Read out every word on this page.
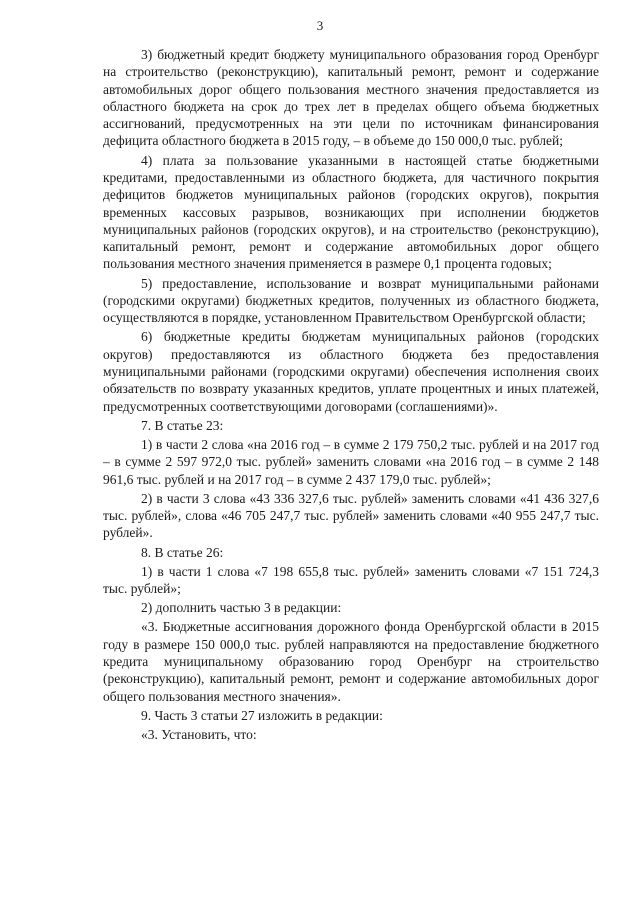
3

3) бюджетный кредит бюджету муниципального образования город Оренбург на строительство (реконструкцию), капитальный ремонт, ремонт и содержание автомобильных дорог общего пользования местного значения предоставляется из областного бюджета на срок до трех лет в пределах общего объема бюджетных ассигнований, предусмотренных на эти цели по источникам финансирования дефицита областного бюджета в 2015 году, – в объеме до 150 000,0 тыс. рублей;

4) плата за пользование указанными в настоящей статье бюджетными кредитами, предоставленными из областного бюджета, для частичного покрытия дефицитов бюджетов муниципальных районов (городских округов), покрытия временных кассовых разрывов, возникающих при исполнении бюджетов муниципальных районов (городских округов), и на строительство (реконструкцию), капитальный ремонт, ремонт и содержание автомобильных дорог общего пользования местного значения применяется в размере 0,1 процента годовых;

5) предоставление, использование и возврат муниципальными районами (городскими округами) бюджетных кредитов, полученных из областного бюджета, осуществляются в порядке, установленном Правительством Оренбургской области;

6) бюджетные кредиты бюджетам муниципальных районов (городских округов) предоставляются из областного бюджета без предоставления муниципальными районами (городскими округами) обеспечения исполнения своих обязательств по возврату указанных кредитов, уплате процентных и иных платежей, предусмотренных соответствующими договорами (соглашениями)».

7. В статье 23:

1) в части 2 слова «на 2016 год – в сумме 2 179 750,2 тыс. рублей и на 2017 год – в сумме 2 597 972,0 тыс. рублей» заменить словами «на 2016 год – в сумме 2 148 961,6 тыс. рублей и на 2017 год – в сумме 2 437 179,0 тыс. рублей»;

2) в части 3 слова «43 336 327,6 тыс. рублей» заменить словами «41 436 327,6 тыс. рублей», слова «46 705 247,7 тыс. рублей» заменить словами «40 955 247,7 тыс. рублей».

8. В статье 26:

1) в части 1 слова «7 198 655,8 тыс. рублей» заменить словами «7 151 724,3 тыс. рублей»;

2) дополнить частью 3 в редакции:

«3. Бюджетные ассигнования дорожного фонда Оренбургской области в 2015 году в размере 150 000,0 тыс. рублей направляются на предоставление бюджетного кредита муниципальному образованию город Оренбург на строительство (реконструкцию), капитальный ремонт, ремонт и содержание автомобильных дорог общего пользования местного значения».

9. Часть 3 статьи 27 изложить в редакции:

«3. Установить, что:
